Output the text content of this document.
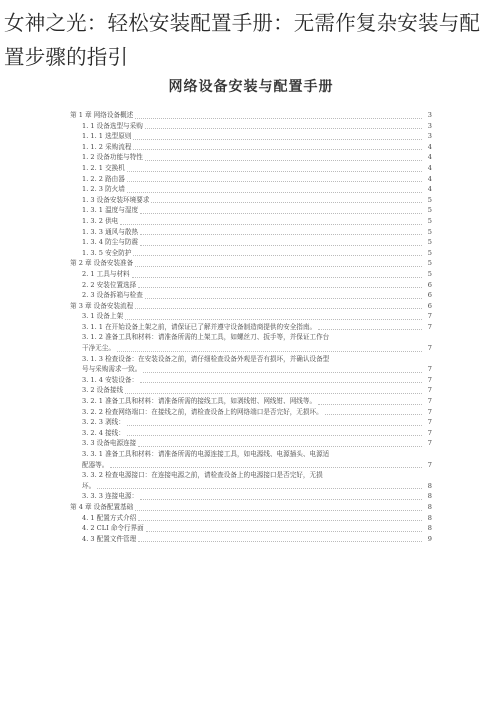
女神之光：轻松安装配置手册：无需作复杂安装与配置步骤的指引
网络设备安装与配置手册
第 1 章 网络设备概述	3
1. 1 设备选型与采购	3
1. 1. 1 选型原则	3
1. 1. 2 采购流程	4
1. 2 设备功能与特性	4
1. 2. 1 交换机	4
1. 2. 2 路由器	4
1. 2. 3 防火墙	4
1. 3 设备安装环境要求	5
1. 3. 1 温度与湿度	5
1. 3. 2 供电	5
1. 3. 3 通风与散热	5
1. 3. 4 防尘与防震	5
1. 3. 5 安全防护	5
第 2 章 设备安装准备	5
2. 1 工具与材料	5
2. 2 安装位置选择	6
2. 3 设备拆箱与检查	6
第 3 章 设备安装流程	6
3. 1 设备上架	7
3. 1. 1 在开始设备上架之前，请保证已了解并遵守设备制造商提供的安全指南。	7
3. 1. 2 准备工具和材料：请准备所需的上架工具，如螺丝刀、扳手等，并保证工作台
干净无尘。	7
3. 1. 3 检查设备：在安装设备之前，请仔细检查设备外观是否有损坏，并确认设备型
号与采购需求一致。	7
3. 1. 4 安装设备：	7
3. 2 设备接线	7
3. 2. 1 准备工具和材料：请准备所需的接线工具，如剥线钳、网线钳、网线等。	7
3. 2. 2 检查网络端口：在接线之前，请检查设备上的网络端口是否完好，无损坏。	7
3. 2. 3 剥线：	7
3. 2. 4 接线：	7
3. 3 设备电源连接	7
3. 3. 1 准备工具和材料：请准备所需的电源连接工具，如电源线、电源插头、电源适
配器等。	7
3. 3. 2 检查电源接口：在连接电源之前，请检查设备上的电源接口是否完好，无损
坏。	8
3. 3. 3 连接电源：	8
第 4 章 设备配置基础	8
4. 1 配置方式介绍	8
4. 2 CLI 命令行界面	8
4. 3 配置文件管理	9
